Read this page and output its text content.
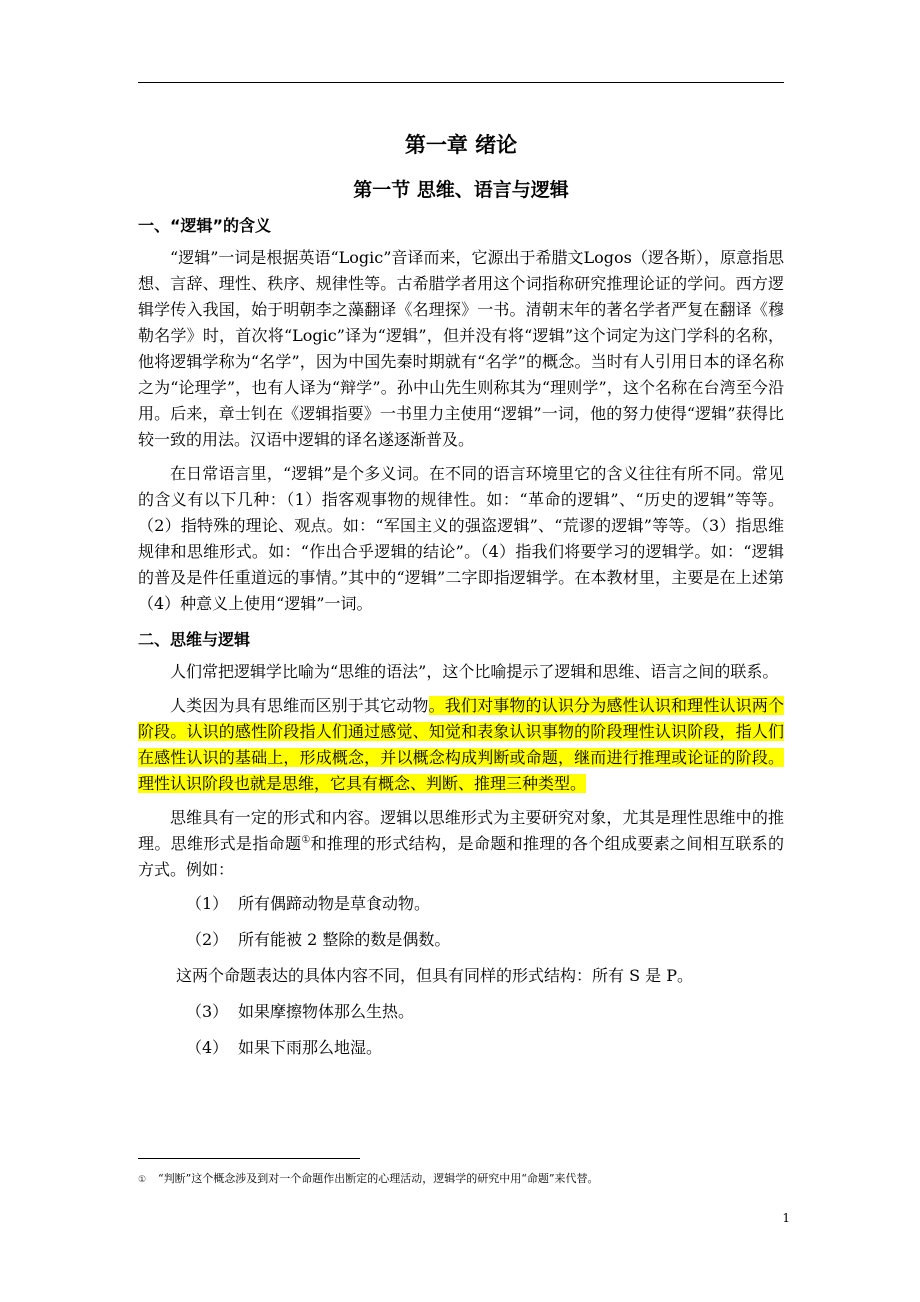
第一章 绪论
第一节 思维、语言与逻辑
一、“逻辑”的含义

“逻辑”一词是根据英语“Logic”音译而来，它源出于希腊文Logos（逻各斯），原意指思想、言辞、理性、秩序、规律性等。古希腊学者用这个词指称研究推理论证的学问。西方逻辑学传入我国，始于明朝李之藻翻译《名理探》一书。清朝末年的著名学者严复在翻译《穆勒名学》时，首次将“Logic”译为“逻辑”，但并没有将“逻辑”这个词定为这门学科的名称，他将逻辑学称为“名学”，因为中国先秦时期就有“名学”的概念。当时有人引用日本的译名称之为“论理学”，也有人译为“辩学”。孙中山先生则称其为“理则学”，这个名称在台湾至今沿用。后来，章士钊在《逻辑指要》一书里力主使用“逻辑”一词，他的努力使得“逻辑”获得比较一致的用法。汉语中逻辑的译名遂逐渐普及。

在日常语言里，“逻辑”是个多义词。在不同的语言环境里它的含义往往有所不同。常见的含义有以下几种：（1）指客观事物的规律性。如：“革命的逻辑”、“历史的逻辑”等等。（2）指特殊的理论、观点。如：“军国主义的强盗逻辑”、“荒谬的逻辑”等等。（3）指思维规律和思维形式。如：“作出合乎逻辑的结论”。（4）指我们将要学习的逻辑学。如：“逻辑的普及是件任重道远的事情。”其中的“逻辑”二字即指逻辑学。在本教材里，主要是在上述第（4）种意义上使用“逻辑”一词。

二、思维与逻辑

人们常把逻辑学比喻为“思维的语法”，这个比喻提示了逻辑和思维、语言之间的联系。

人类因为具有思维而区别于其它动物。我们对事物的认识分为感性认识和理性认识两个阶段。认识的感性阶段指人们通过感觉、知觉和表象认识事物的阶段理性认识阶段，指人们在感性认识的基础上，形成概念，并以概念构成判断或命题，继而进行推理或论证的阶段。理性认识阶段也就是思维，它具有概念、判断、推理三种类型。

思维具有一定的形式和内容。逻辑以思维形式为主要研究对象，尤其是理性思维中的推理。思维形式是指命题①和推理的形式结构，是命题和推理的各个组成要素之间相互联系的方式。例如：

（1） 所有偶蹄动物是草食动物。
（2） 所有能被 2 整除的数是偶数。
这两个命题表达的具体内容不同，但具有同样的形式结构：所有 S 是 P。
（3） 如果摩擦物体那么生热。
（4） 如果下雨那么地湿。
① “判断”这个概念涉及到对一个命题作出断定的心理活动，逻辑学的研究中用“命题”来代替。
1
